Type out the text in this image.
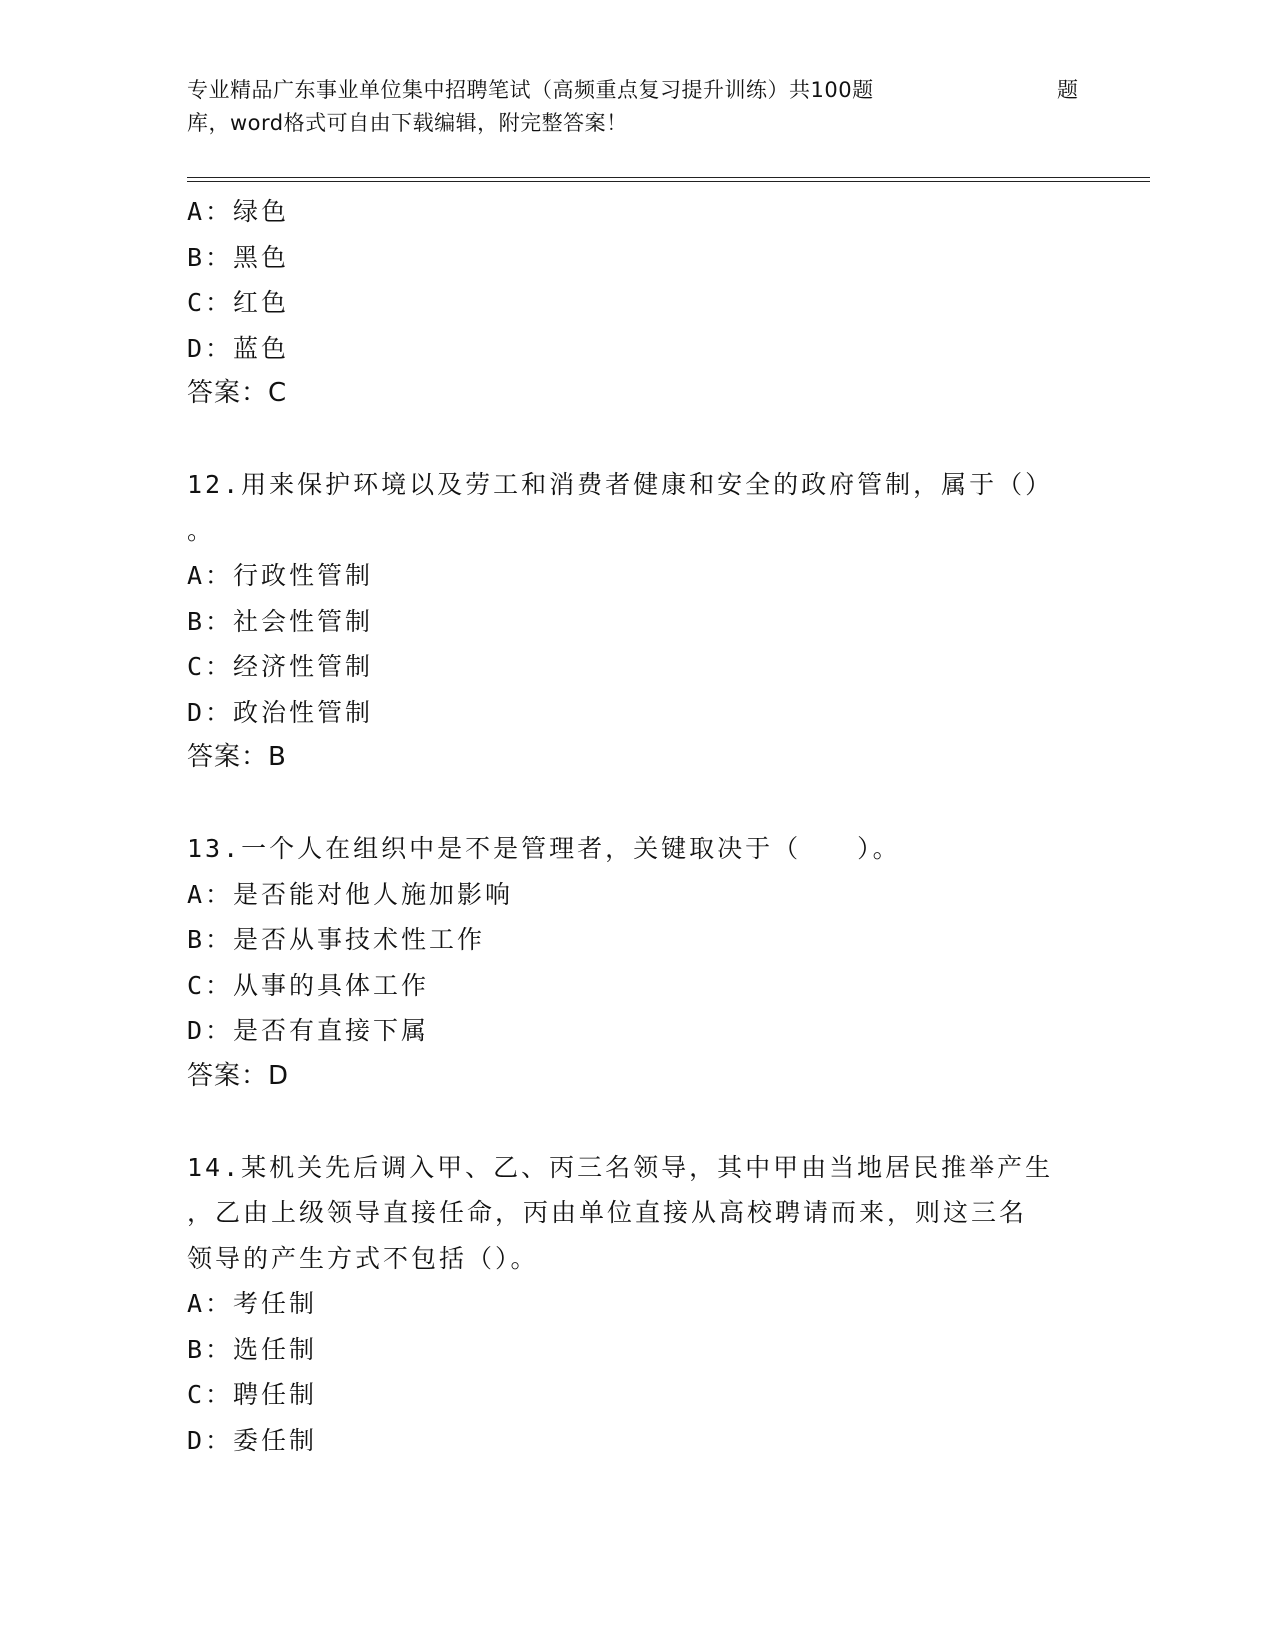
专业精品广东事业单位集中招聘笔试（高频重点复习提升训练）共100题	题
库，word格式可自由下载编辑，附完整答案！
A：绿色
B：黑色
C：红色
D：蓝色
答案：C
12.用来保护环境以及劳工和消费者健康和安全的政府管制，属于（）
。
A：行政性管制
B：社会性管制
C：经济性管制
D：政治性管制
答案：B
13.一个人在组织中是不是管理者，关键取决于（　　）。
A：是否能对他人施加影响
B：是否从事技术性工作
C：从事的具体工作
D：是否有直接下属
答案：D
14.某机关先后调入甲、乙、丙三名领导，其中甲由当地居民推举产生
，乙由上级领导直接任命，丙由单位直接从高校聘请而来，则这三名
领导的产生方式不包括（）。
A：考任制
B：选任制
C：聘任制
D：委任制
